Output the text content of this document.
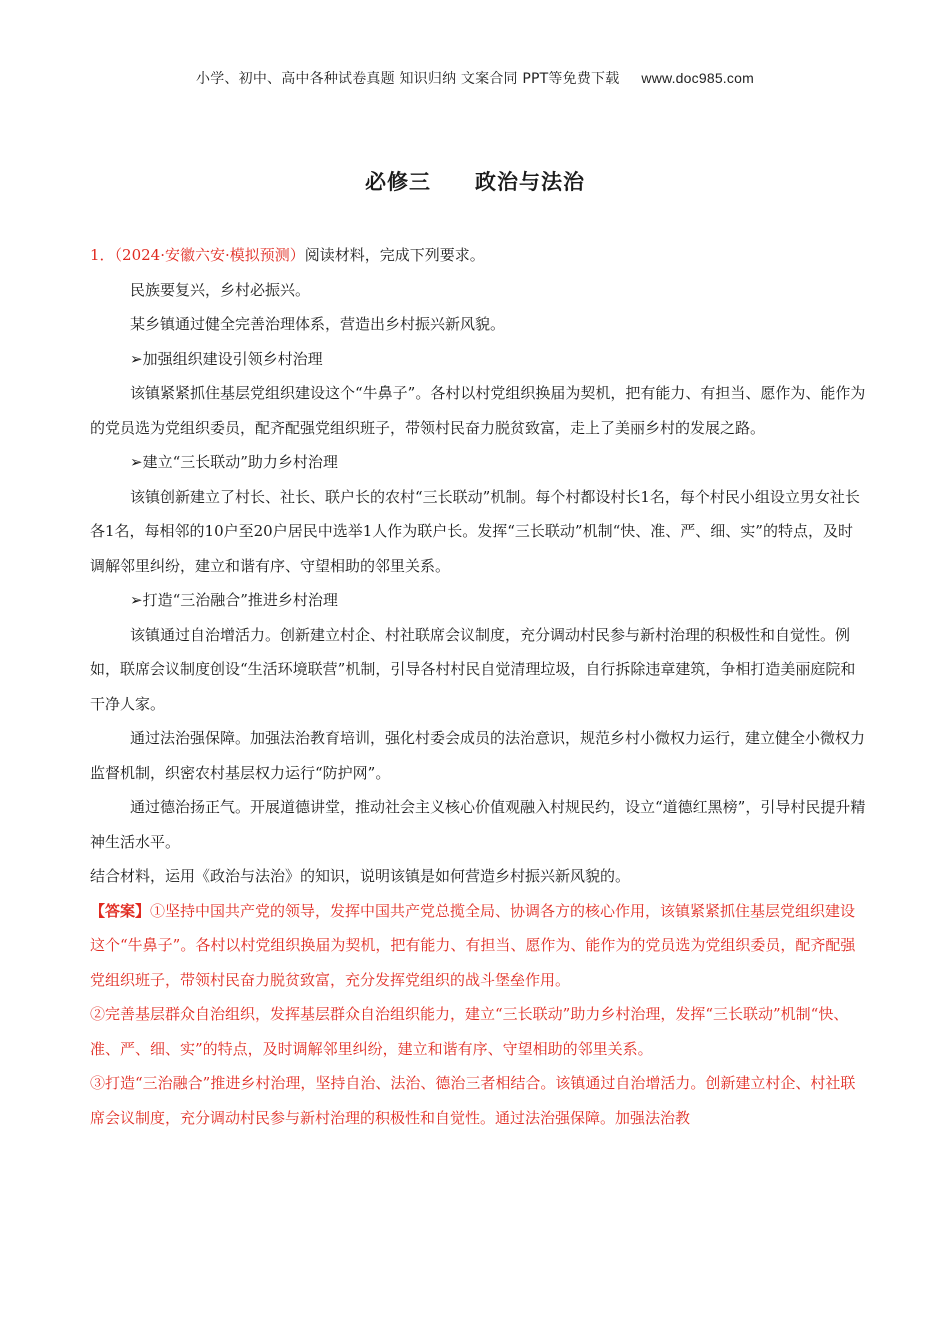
小学、初中、高中各种试卷真题 知识归纳 文案合同 PPT等免费下载 www.doc985.com
必修三 政治与法治

1．（2024·安徽六安·模拟预测）阅读材料，完成下列要求。

民族要复兴，乡村必振兴。

某乡镇通过健全完善治理体系，营造出乡村振兴新风貌。

➢加强组织建设引领乡村治理

该镇紧紧抓住基层党组织建设这个“牛鼻子”。各村以村党组织换届为契机，把有能力、有担当、愿作为、能作为的党员选为党组织委员，配齐配强党组织班子，带领村民奋力脱贫致富，走上了美丽乡村的发展之路。

➢建立“三长联动”助力乡村治理

该镇创新建立了村长、社长、联户长的农村“三长联动”机制。每个村都设村长1名，每个村民小组设立男女社长各1名，每相邻的10户至20户居民中选举1人作为联户长。发挥“三长联动”机制“快、准、严、细、实”的特点，及时调解邻里纠纷，建立和谐有序、守望相助的邻里关系。

➢打造“三治融合”推进乡村治理

该镇通过自治增活力。创新建立村企、村社联席会议制度，充分调动村民参与新村治理的积极性和自觉性。例如，联席会议制度创设“生活环境联营”机制，引导各村村民自觉清理垃圾，自行拆除违章建筑，争相打造美丽庭院和干净人家。

通过法治强保障。加强法治教育培训，强化村委会成员的法治意识，规范乡村小微权力运行，建立健全小微权力监督机制，织密农村基层权力运行“防护网”。

通过德治扬正气。开展道德讲堂，推动社会主义核心价值观融入村规民约，设立“道德红黑榜”，引导村民提升精神生活水平。

结合材料，运用《政治与法治》的知识，说明该镇是如何营造乡村振兴新风貌的。

【答案】①坚持中国共产党的领导，发挥中国共产党总揽全局、协调各方的核心作用，该镇紧紧抓住基层党组织建设这个“牛鼻子”。各村以村党组织换届为契机，把有能力、有担当、愿作为、能作为的党员选为党组织委员，配齐配强党组织班子，带领村民奋力脱贫致富，充分发挥党组织的战斗堡垒作用。

②完善基层群众自治组织，发挥基层群众自治组织能力，建立“三长联动”助力乡村治理，发挥“三长联动”机制“快、准、严、细、实”的特点，及时调解邻里纠纷，建立和谐有序、守望相助的邻里关系。

③打造“三治融合”推进乡村治理，坚持自治、法治、德治三者相结合。该镇通过自治增活力。创新建立村企、村社联席会议制度，充分调动村民参与新村治理的积极性和自觉性。通过法治强保障。加强法治教
